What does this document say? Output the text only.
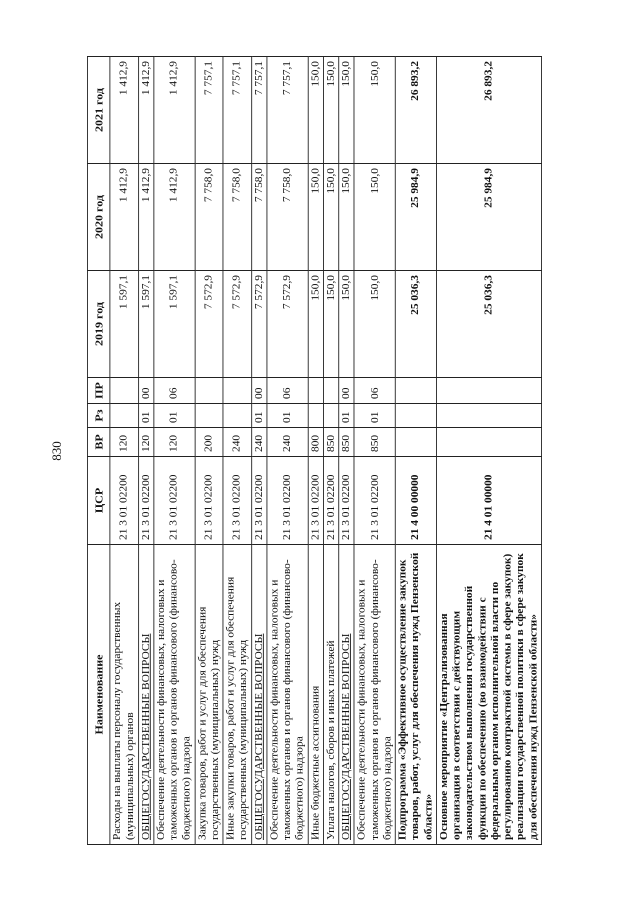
830
Наименование	ЦСР	ВР	Рз	ПР	2019 год	2020 год	2021 год
Расходы на выплаты персоналу государственных (муниципальных) органов	21 3 01 02200	120			1 597,1	1 412,9	1 412,9
ОБЩЕГОСУДАРСТВЕННЫЕ ВОПРОСЫ	21 3 01 02200	120	01	00	1 597,1	1 412,9	1 412,9
Обеспечение деятельности финансовых, налоговых и таможенных органов и органов финансового (финансово-бюджетного) надзора	21 3 01 02200	120	01	06	1 597,1	1 412,9	1 412,9
Закупка товаров, работ и услуг для обеспечения государственных (муниципальных) нужд	21 3 01 02200	200			7 572,9	7 758,0	7 757,1
Иные закупки товаров, работ и услуг для обеспечения государственных (муниципальных) нужд	21 3 01 02200	240			7 572,9	7 758,0	7 757,1
ОБЩЕГОСУДАРСТВЕННЫЕ ВОПРОСЫ	21 3 01 02200	240	01	00	7 572,9	7 758,0	7 757,1
Обеспечение деятельности финансовых, налоговых и таможенных органов и органов финансового (финансово-бюджетного) надзора	21 3 01 02200	240	01	06	7 572,9	7 758,0	7 757,1
Иные бюджетные ассигнования	21 3 01 02200	800			150,0	150,0	150,0
Уплата налогов, сборов и иных платежей	21 3 01 02200	850			150,0	150,0	150,0
ОБЩЕГОСУДАРСТВЕННЫЕ ВОПРОСЫ	21 3 01 02200	850	01	00	150,0	150,0	150,0
Обеспечение деятельности финансовых, налоговых и таможенных органов и органов финансового (финансово-бюджетного) надзора	21 3 01 02200	850	01	06	150,0	150,0	150,0
Подпрограмма «Эффективное осуществление закупок товаров, работ, услуг для обеспечения нужд Пензенской области»	21 4 00 00000				25 036,3	25 984,9	26 893,2
Основное мероприятие «Централизованная организация в соответствии с действующим законодательством выполнения государственной функции по обеспечению (во взаимодействии с федеральным органом исполнительной власти по регулированию контрактной системы в сфере закупок) реализации государственной политики в сфере закупок для обеспечения нужд Пензенской области»	21 4 01 00000				25 036,3	25 984,9	26 893,2
